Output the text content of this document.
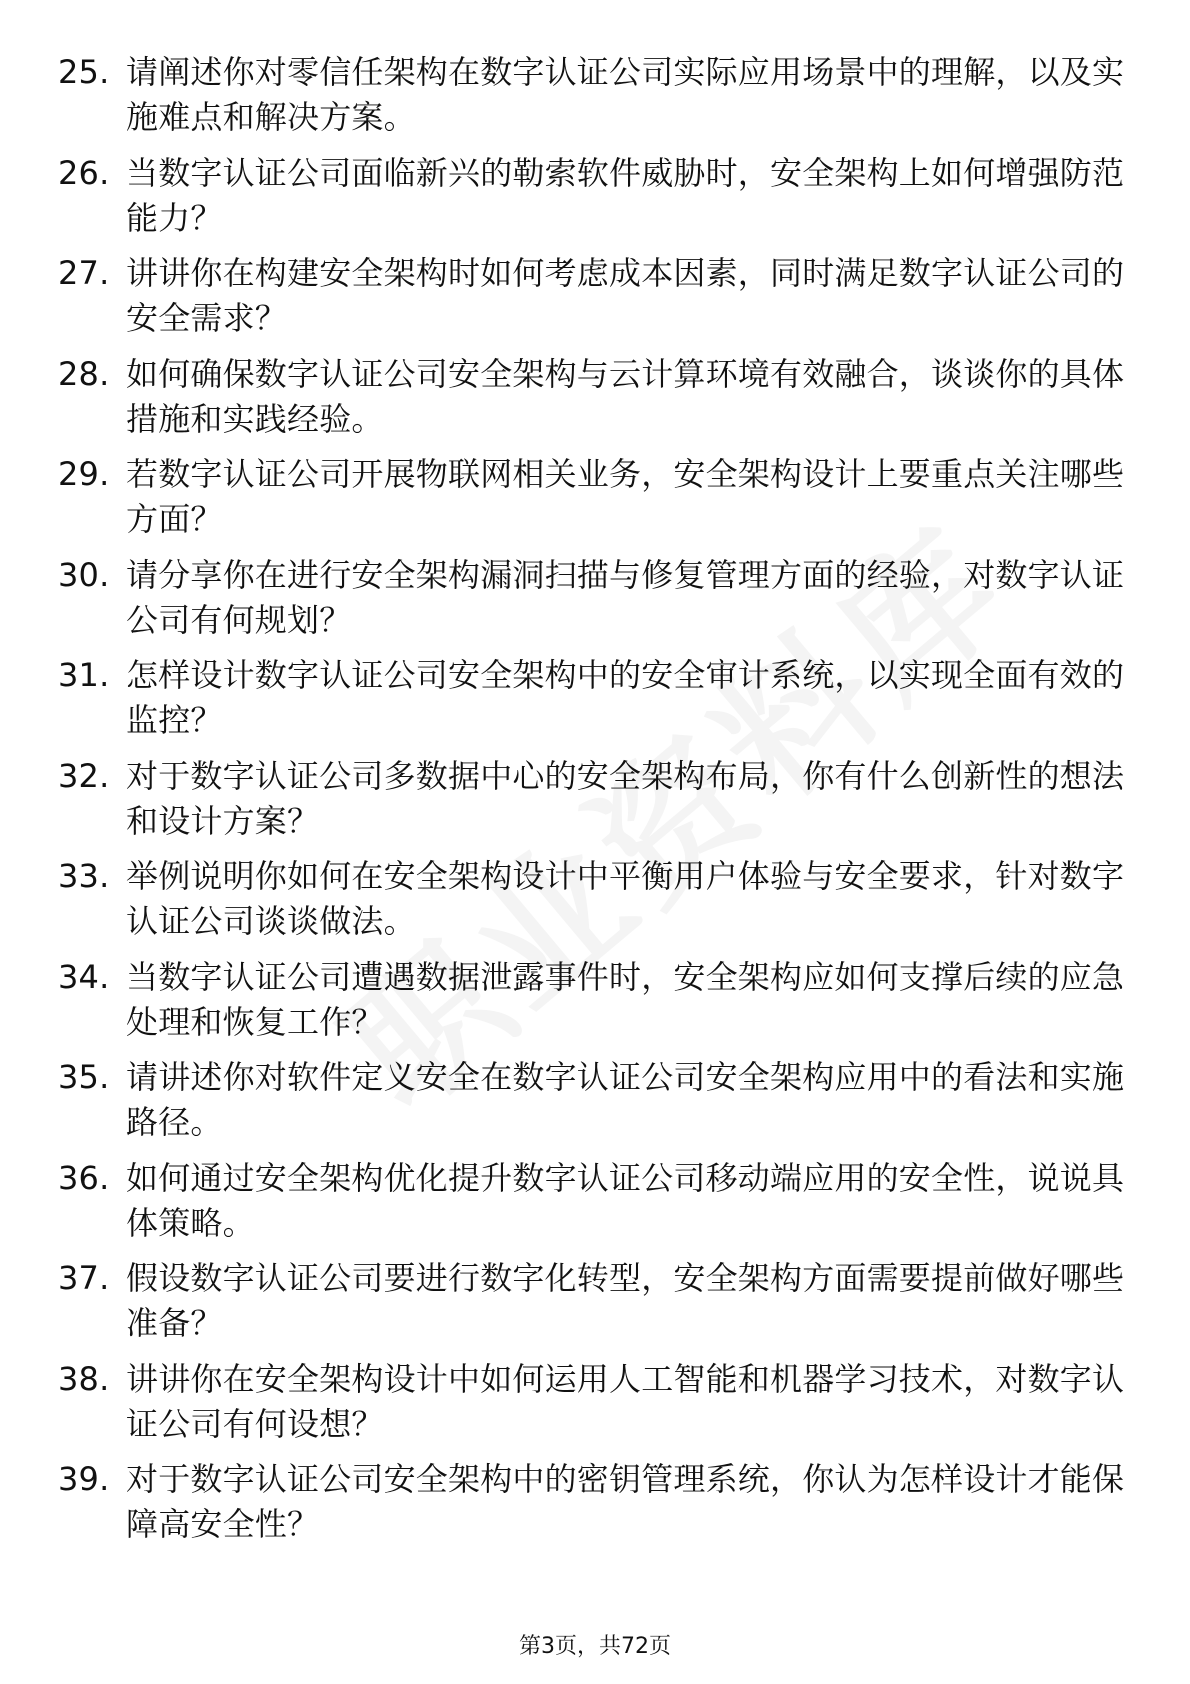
25. 请阐述你对零信任架构在数字认证公司实际应用场景中的理解，以及实施难点和解决方案。
26. 当数字认证公司面临新兴的勒索软件威胁时，安全架构上如何增强防范能力？
27. 讲讲你在构建安全架构时如何考虑成本因素，同时满足数字认证公司的安全需求？
28. 如何确保数字认证公司安全架构与云计算环境有效融合，谈谈你的具体措施和实践经验。
29. 若数字认证公司开展物联网相关业务，安全架构设计上要重点关注哪些方面？
30. 请分享你在进行安全架构漏洞扫描与修复管理方面的经验，对数字认证公司有何规划？
31. 怎样设计数字认证公司安全架构中的安全审计系统，以实现全面有效的监控？
32. 对于数字认证公司多数据中心的安全架构布局，你有什么创新性的想法和设计方案？
33. 举例说明你如何在安全架构设计中平衡用户体验与安全要求，针对数字认证公司谈谈做法。
34. 当数字认证公司遭遇数据泄露事件时，安全架构应如何支撑后续的应急处理和恢复工作？
35. 请讲述你对软件定义安全在数字认证公司安全架构应用中的看法和实施路径。
36. 如何通过安全架构优化提升数字认证公司移动端应用的安全性，说说具体策略。
37. 假设数字认证公司要进行数字化转型，安全架构方面需要提前做好哪些准备？
38. 讲讲你在安全架构设计中如何运用人工智能和机器学习技术，对数字认证公司有何设想？
39. 对于数字认证公司安全架构中的密钥管理系统，你认为怎样设计才能保障高安全性？
第3页，共72页
